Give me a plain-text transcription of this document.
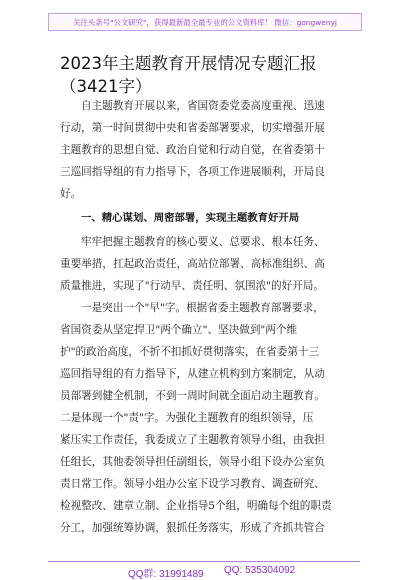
关注头条号"公文研究"，获得最新最全最专业的公文资料库！ 微信：gongwenyj
2023年主题教育开展情况专题汇报（3421字）
自主题教育开展以来，省国资委党委高度重视、迅速
行动，第一时间贯彻中央和省委部署要求，切实增强开展
主题教育的思想自觉、政治自觉和行动自觉，在省委第十
三巡回指导组的有力指导下，各项工作进展顺利，开局良
好。
一、精心谋划、周密部署，实现主题教育好开局
牢牢把握主题教育的核心要义、总要求、根本任务、
重要举措，扛起政治责任，高站位部署、高标准组织、高
质量推进，实现了"行动早、责任明、氛围浓"的好开局。
一是突出一个"早"字。根据省委主题教育部署要求，
省国资委从坚定捍卫"两个确立"、坚决做到"两个维
护"的政治高度，不折不扣抓好贯彻落实，在省委第十三
巡回指导组的有力指导下，从建立机构到方案制定，从动
员部署到健全机制，不到一周时间就全面启动主题教育。
二是体现一个"责"字。为强化主题教育的组织领导，压
紧压实工作责任，我委成立了主题教育领导小组，由我担
任组长，其他委领导担任副组长，领导小组下设办公室负
责日常工作。领导小组办公室下设学习教育、调查研究、
检视整改、建章立制、企业指导5个组，明确每个组的职责
分工，加强统筹协调，狠抓任务落实，形成了齐抓共管合
QQ群: 31991489 QQ: 535304092
